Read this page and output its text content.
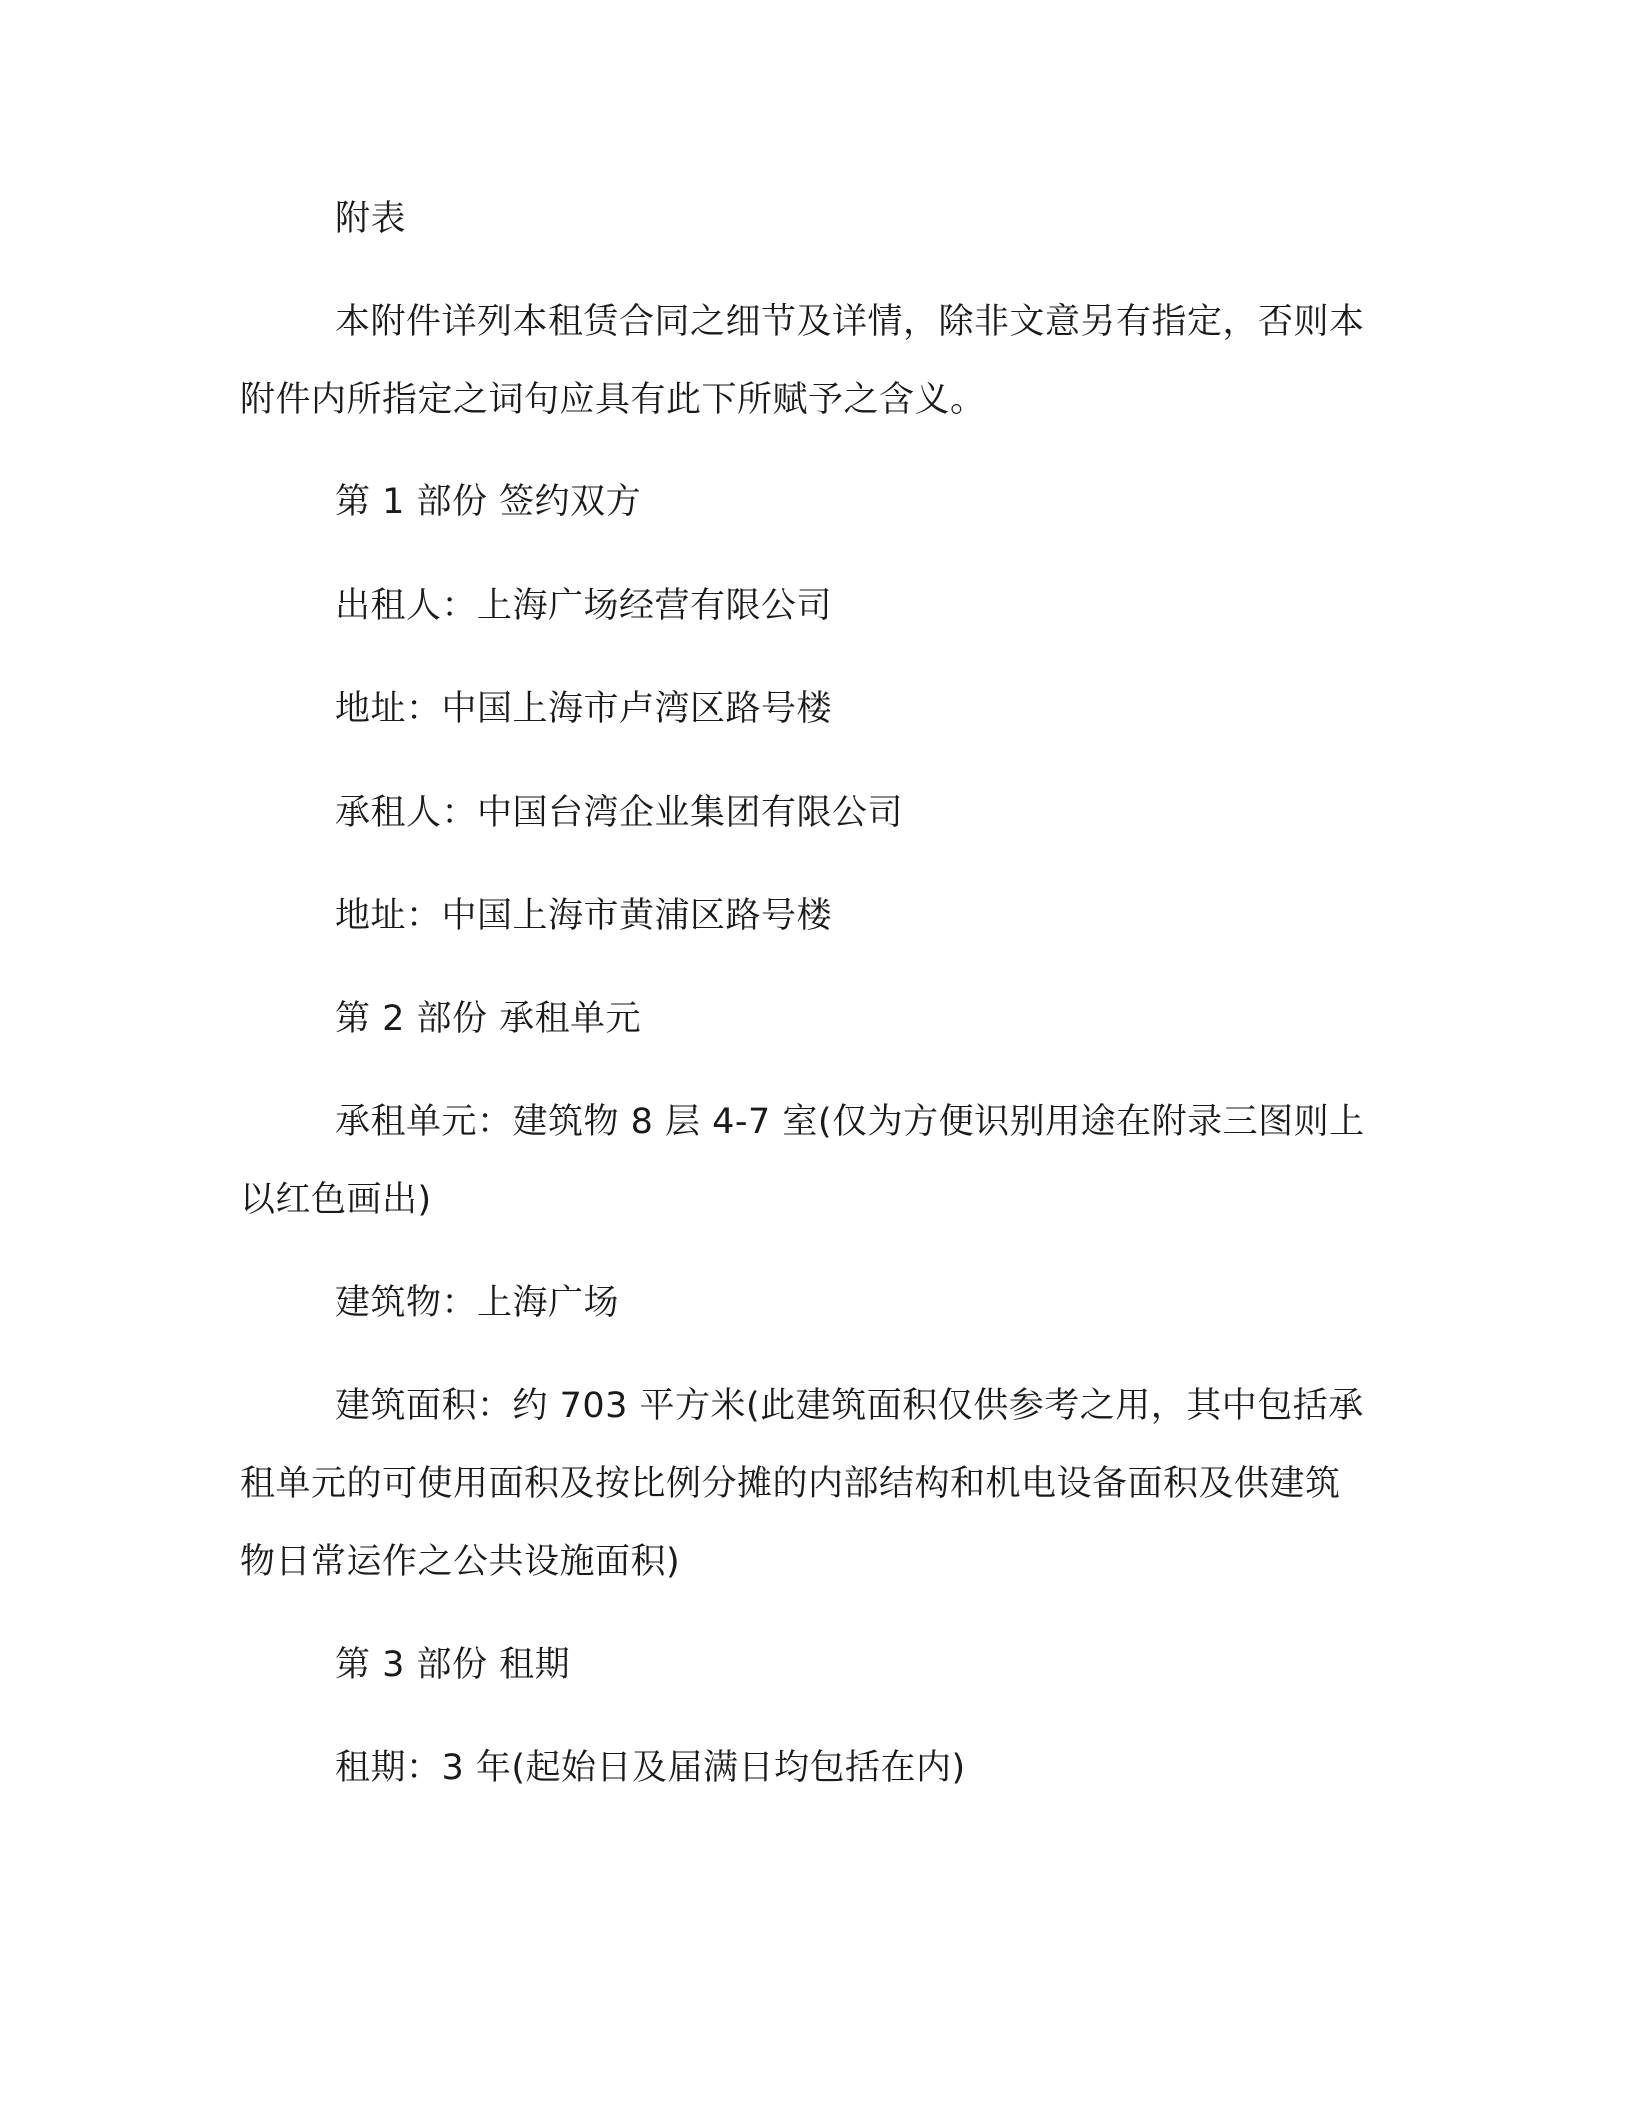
附表

本附件详列本租赁合同之细节及详情，除非文意另有指定，否则本附件内所指定之词句应具有此下所赋予之含义。

第 1 部份 签约双方

出租人：上海广场经营有限公司

地址：中国上海市卢湾区路号楼

承租人：中国台湾企业集团有限公司

地址：中国上海市黄浦区路号楼

第 2 部份 承租单元

承租单元：建筑物 8 层 4-7 室(仅为方便识别用途在附录三图则上以红色画出)

建筑物：上海广场

建筑面积：约 703 平方米(此建筑面积仅供参考之用，其中包括承租单元的可使用面积及按比例分摊的内部结构和机电设备面积及供建筑物日常运作之公共设施面积)

第 3 部份 租期

租期：3 年(起始日及届满日均包括在内)
